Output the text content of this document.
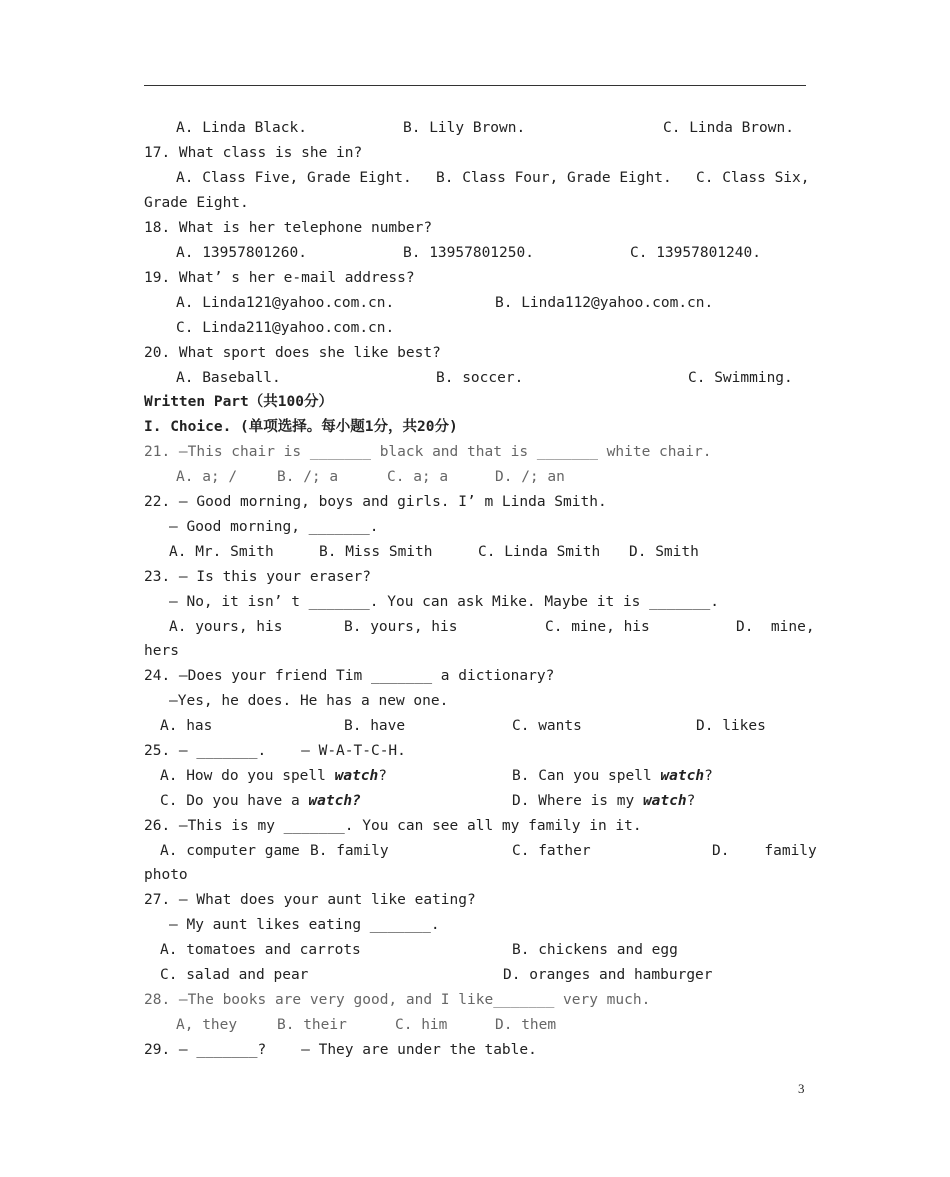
A. Linda Black.	B. Lily Brown.	C. Linda Brown.
17. What class is she in?
A. Class Five, Grade Eight. B. Class Four, Grade Eight. C. Class Six,
Grade Eight.
18. What is her telephone number?
A. 13957801260.	B. 13957801250.	C. 13957801240.
19. What’ s her e-mail address?
A. Linda121@yahoo.com.cn.	B. Linda112@yahoo.com.cn.
C. Linda211@yahoo.com.cn.
20. What sport does she like best?
A. Baseball.	B. soccer.	C. Swimming.
Written Part（共100分）
I. Choice. (单项选择。每小题1分，共20分)
21. —This chair is _______ black and that is _______ white chair.
A. a; /	B. /; a	C. a; a	D. /; an
22. — Good morning, boys and girls. I’ m Linda Smith.
— Good morning, _______.
A. Mr. Smith	B. Miss Smith	C. Linda Smith D. Smith
23. — Is this your eraser?
— No, it isn’ t _______. You can ask Mike. Maybe it is _______.
A. yours, his	B. yours, his	C. mine, his	D.  mine,
hers
24. —Does your friend Tim _______ a dictionary?
—Yes, he does. He has a new one.
A. has	B. have	C. wants	D. likes
25. — _______.    — W-A-T-C-H.
A. How do you spell watch?	B. Can you spell watch?
C. Do you have a watch?	D. Where is my watch?
26. —This is my _______. You can see all my family in it.
A. computer game B. family	C. father	D.    family
photo
27. — What does your aunt like eating?
— My aunt likes eating _______.
A. tomatoes and carrots	B. chickens and egg
C. salad and pear	D. oranges and hamburger
28. —The books are very good, and I like_______ very much.
A, they	B. their	C. him	D. them
29. — _______?    — They are under the table.
3
